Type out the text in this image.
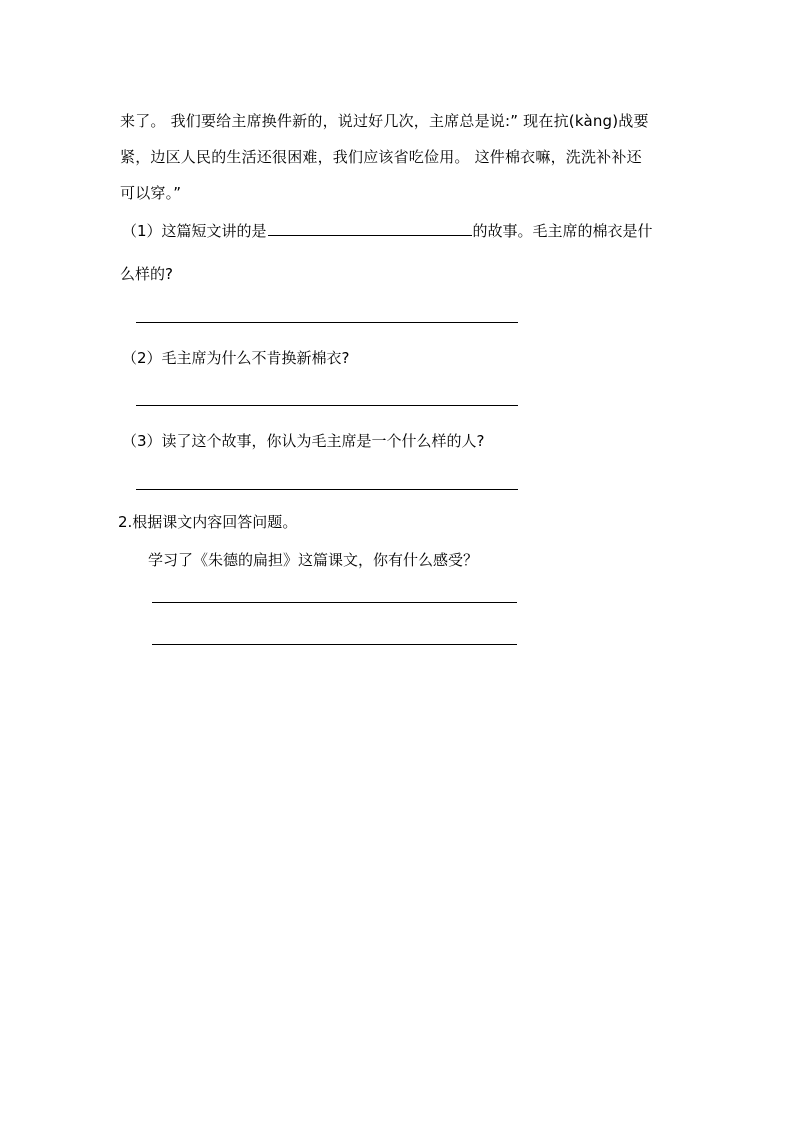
来了。 我们要给主席换件新的，说过好几次，主席总是说:” 现在抗(kàng)战要

紧，边区人民的生活还很困难，我们应该省吃俭用。 这件棉衣嘛，洗洗补补还

可以穿。”

（1）这篇短文讲的是	的故事。毛主席的棉衣是什
么样的?
（2）毛主席为什么不肯换新棉衣?
（3）读了这个故事，你认为毛主席是一个什么样的人?
2.根据课文内容回答问题。
学习了《朱德的扁担》这篇课文，你有什么感受？
